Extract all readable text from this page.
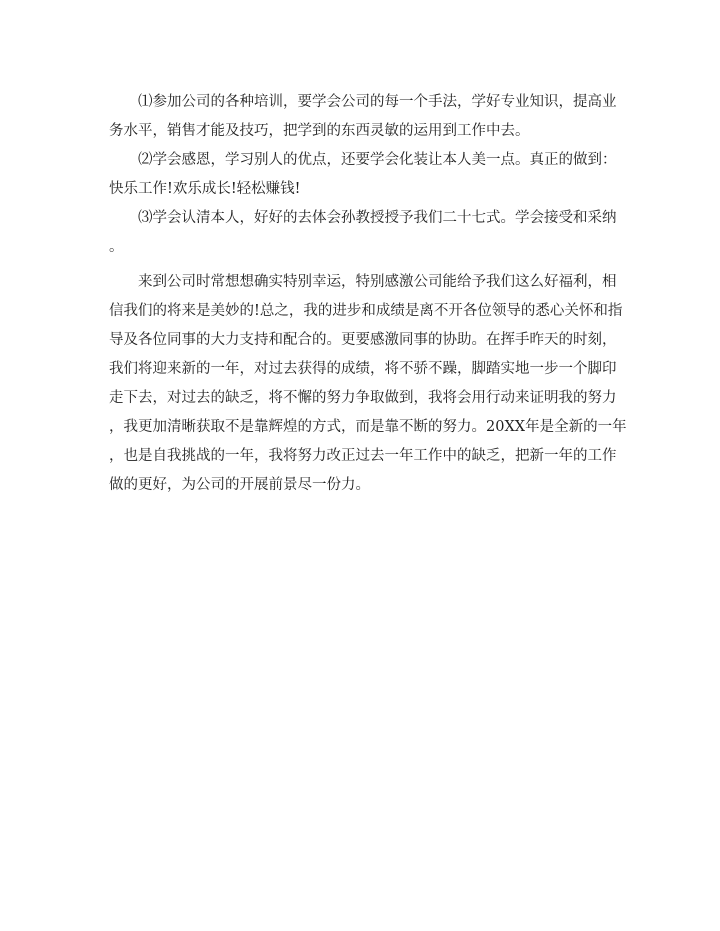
⑴参加公司的各种培训，要学会公司的每一个手法，学好专业知识，提高业
务水平，销售才能及技巧，把学到的东西灵敏的运用到工作中去。
⑵学会感恩，学习别人的优点，还要学会化装让本人美一点。真正的做到：
快乐工作!欢乐成长!轻松赚钱!
⑶学会认清本人，好好的去体会孙教授授予我们二十七式。学会接受和采纳
。
来到公司时常想想确实特别幸运，特别感激公司能给予我们这么好福利，相
信我们的将来是美妙的!总之，我的进步和成绩是离不开各位领导的悉心关怀和指
导及各位同事的大力支持和配合的。更要感激同事的协助。在挥手昨天的时刻，
我们将迎来新的一年，对过去获得的成绩，将不骄不躁，脚踏实地一步一个脚印
走下去，对过去的缺乏，将不懈的努力争取做到，我将会用行动来证明我的努力
，我更加清晰获取不是靠辉煌的方式，而是靠不断的努力。20XX年是全新的一年
，也是自我挑战的一年，我将努力改正过去一年工作中的缺乏，把新一年的工作
做的更好，为公司的开展前景尽一份力。
